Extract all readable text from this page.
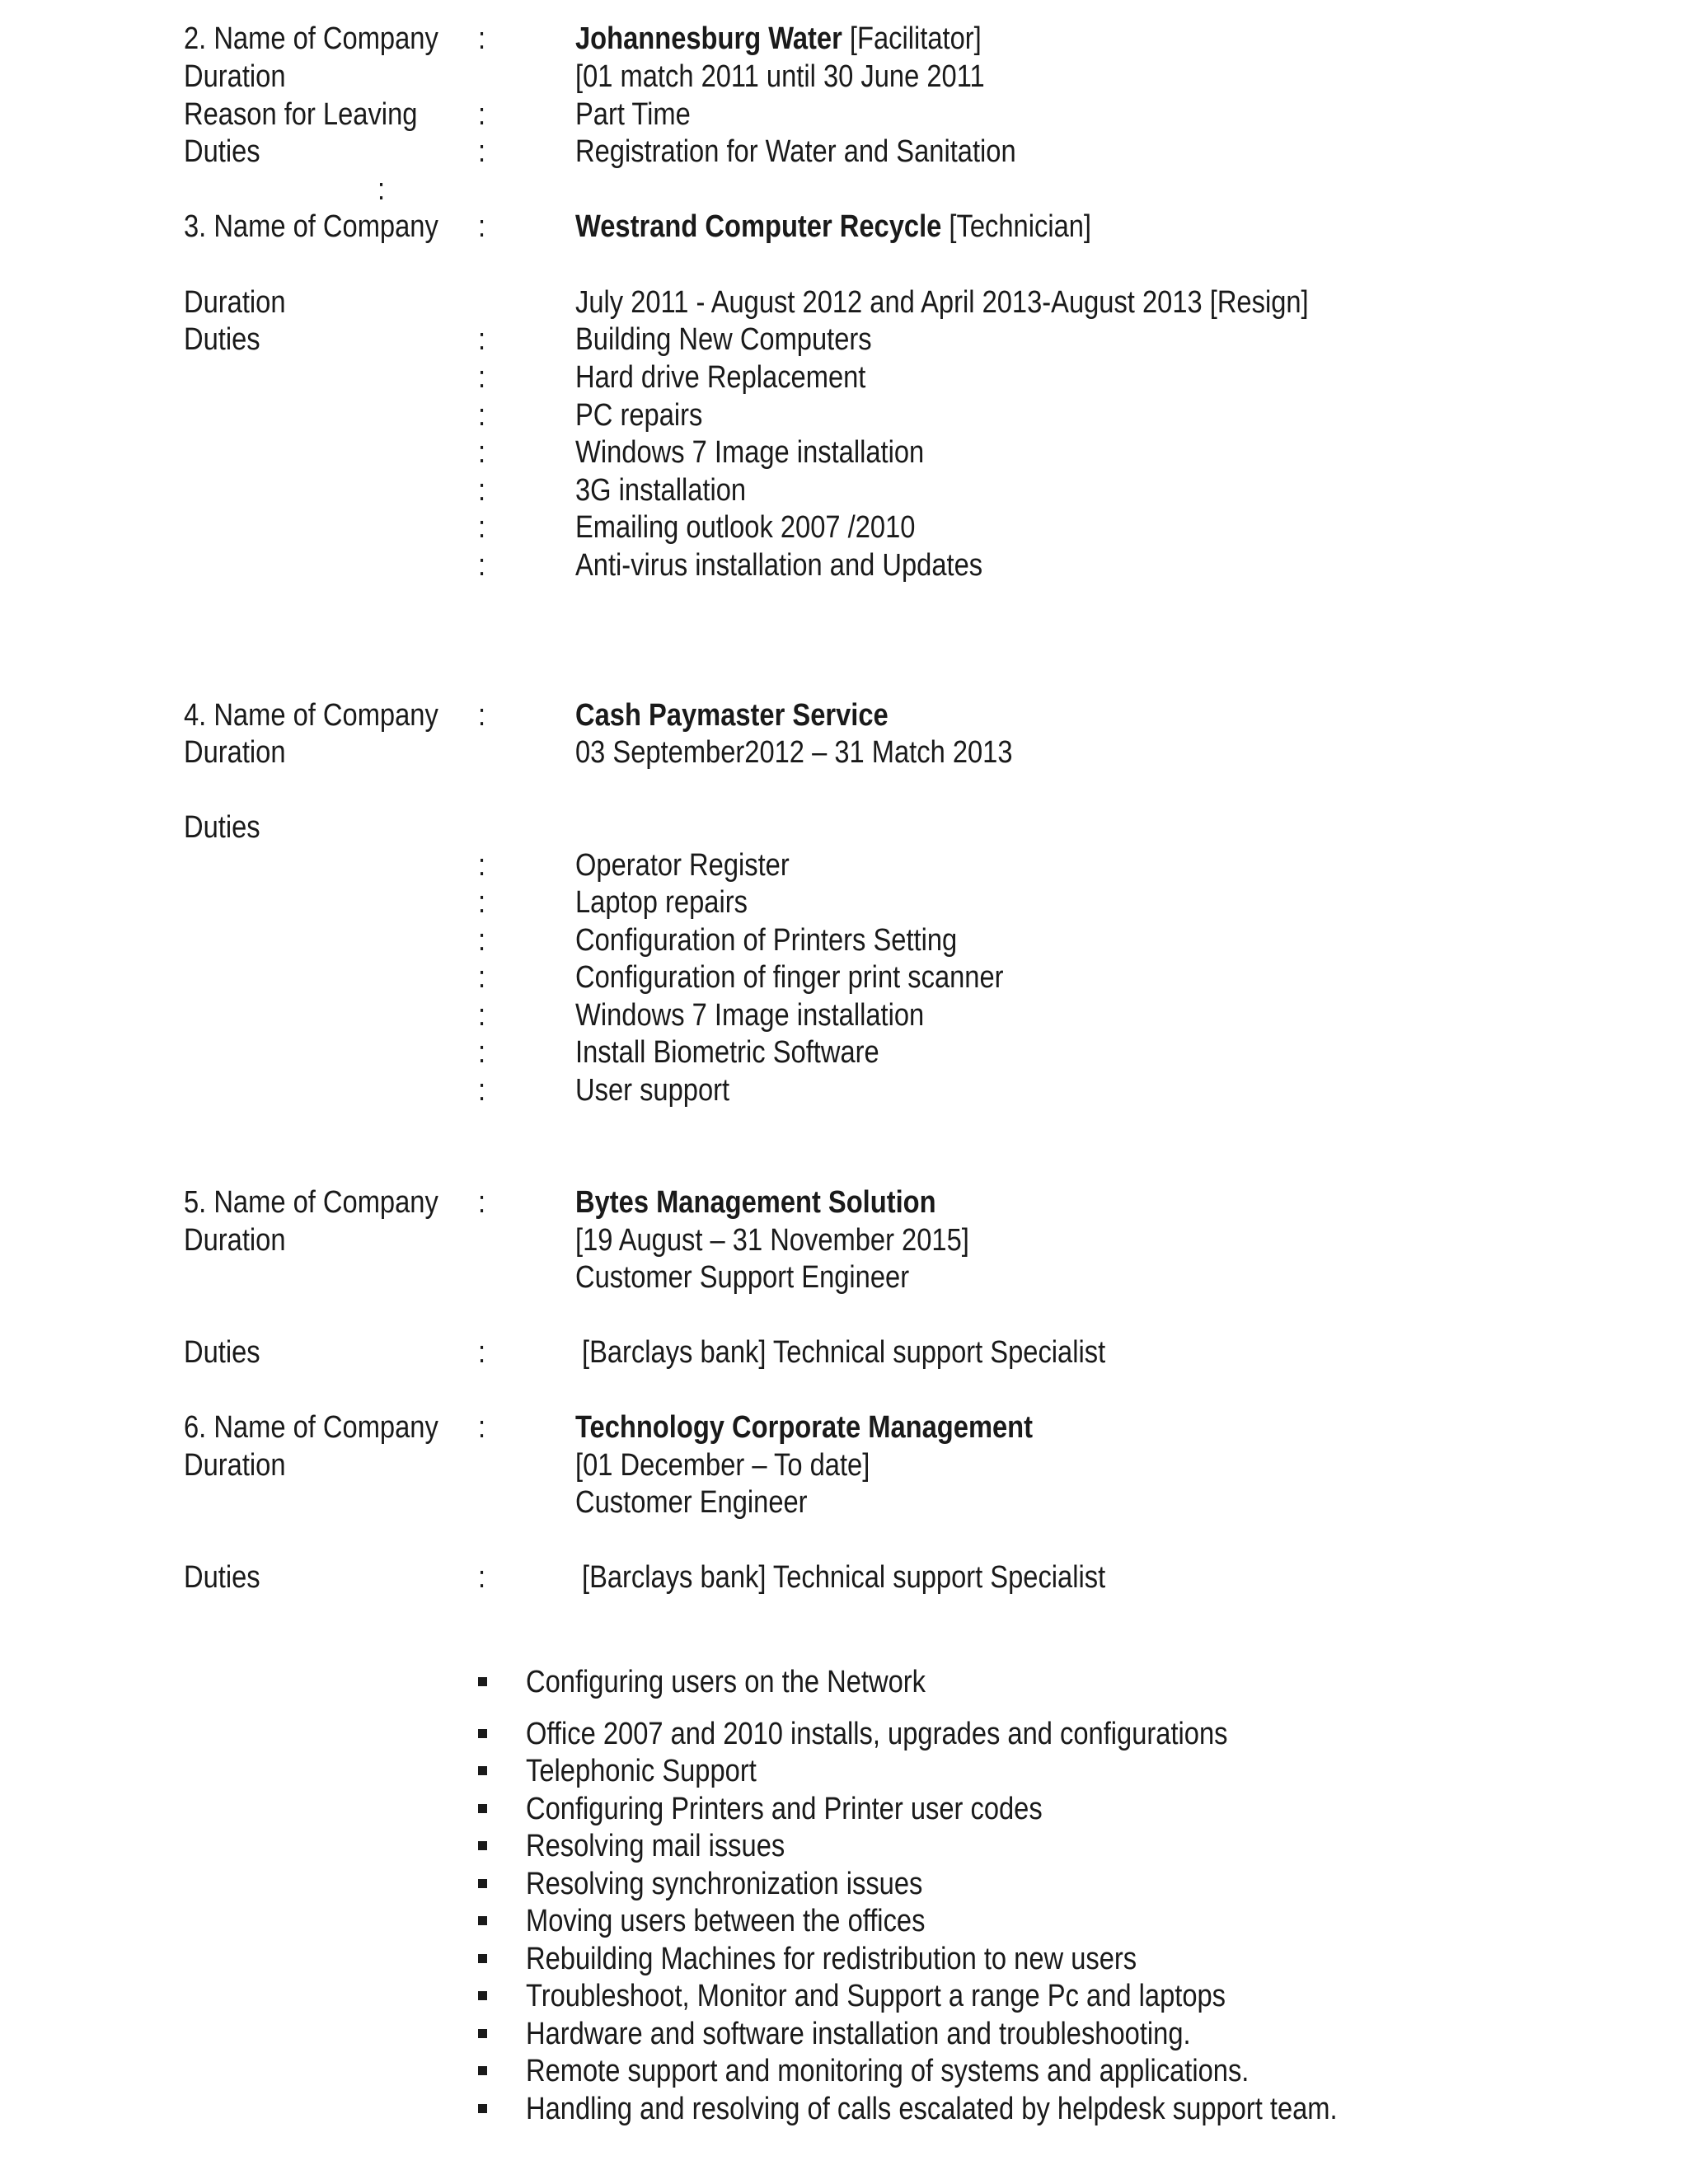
2. Name of Company :	Johannesburg Water [Facilitator]
Duration	[01 match 2011 until 30 June 2011
Reason for Leaving :	Part Time
Duties	:	Registration for Water and Sanitation
:
3. Name of Company :	Westrand Computer Recycle [Technician]
Duration	July 2011 - August 2012 and April 2013-August 2013 [Resign]
Duties	:	Building New Computers
:	Hard drive Replacement
:	PC repairs
:	Windows 7 Image installation
:	3G installation
:	Emailing outlook 2007 /2010
:	Anti-virus installation and Updates
4. Name of Company :	Cash Paymaster Service
Duration	03 September2012 – 31 Match 2013
Duties
:	Operator Register
:	Laptop repairs
:	Configuration of Printers Setting
:	Configuration of finger print scanner
:	Windows 7 Image installation
:	Install Biometric Software
:	User support
5. Name of Company :	Bytes Management Solution
Duration	[19 August – 31 November 2015]
Customer Support Engineer
Duties	:	[Barclays bank] Technical support Specialist
6. Name of Company :	Technology Corporate Management
Duration	[01 December – To date]
Customer Engineer
Duties	:	[Barclays bank] Technical support Specialist
Configuring users on the Network
Office 2007 and 2010 installs, upgrades and configurations
Telephonic Support
Configuring Printers and Printer user codes
Resolving mail issues
Resolving synchronization issues
Moving users between the offices
Rebuilding Machines for redistribution to new users
Troubleshoot, Monitor and Support a range Pc and laptops
Hardware and software installation and troubleshooting.
Remote support and monitoring of systems and applications.
Handling and resolving of calls escalated by helpdesk support team.
